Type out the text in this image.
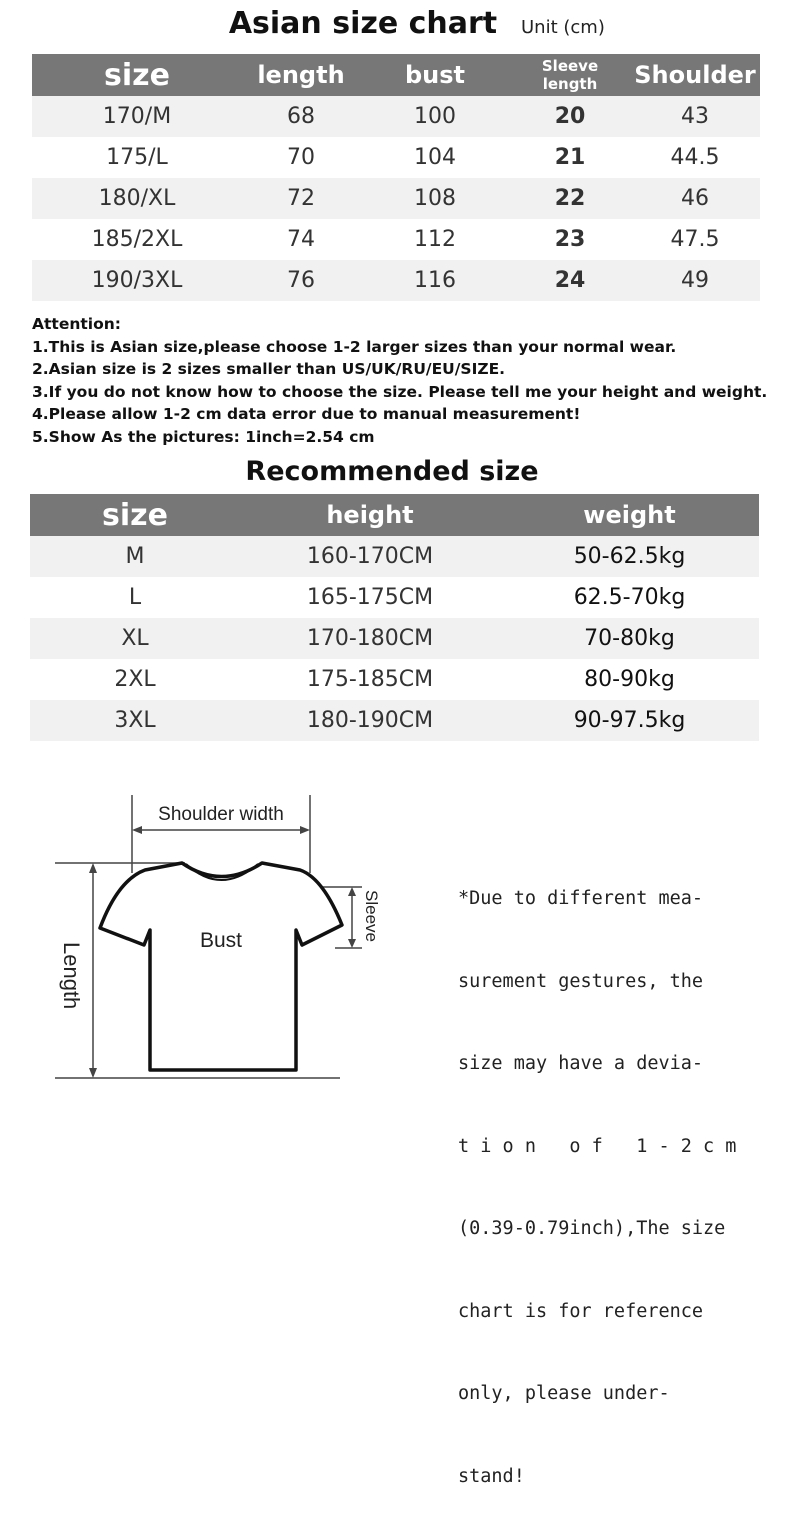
Asian size chart	Unit (cm)
size	length	bust	Sleeve length	Shoulder
170/M	68	100	20	43
175/L	70	104	21	44.5
180/XL	72	108	22	46
185/2XL	74	112	23	47.5
190/3XL	76	116	24	49
Attention:
1.This is Asian size,please choose 1-2 larger sizes than your normal wear.
2.Asian size is 2 sizes smaller than US/UK/RU/EU/SIZE.
3.If you do not know how to choose the size. Please tell me your height and weight.
4.Please allow 1-2 cm data error due to manual measurement!
5.Show As the pictures: 1inch=2.54 cm
Recommended size
size	height	weight
M	160-170CM	50-62.5kg
L	165-175CM	62.5-70kg
XL	170-180CM	70-80kg
2XL	175-185CM	80-90kg
3XL	180-190CM	90-97.5kg
Shoulder width
Bust	Sleeve
Length

*Due to different mea-

surement gestures, the

size may have a devia-

t i o n   o f   1 - 2 c m

(0.39-0.79inch),The size

chart is for reference

only, please under-

stand!
